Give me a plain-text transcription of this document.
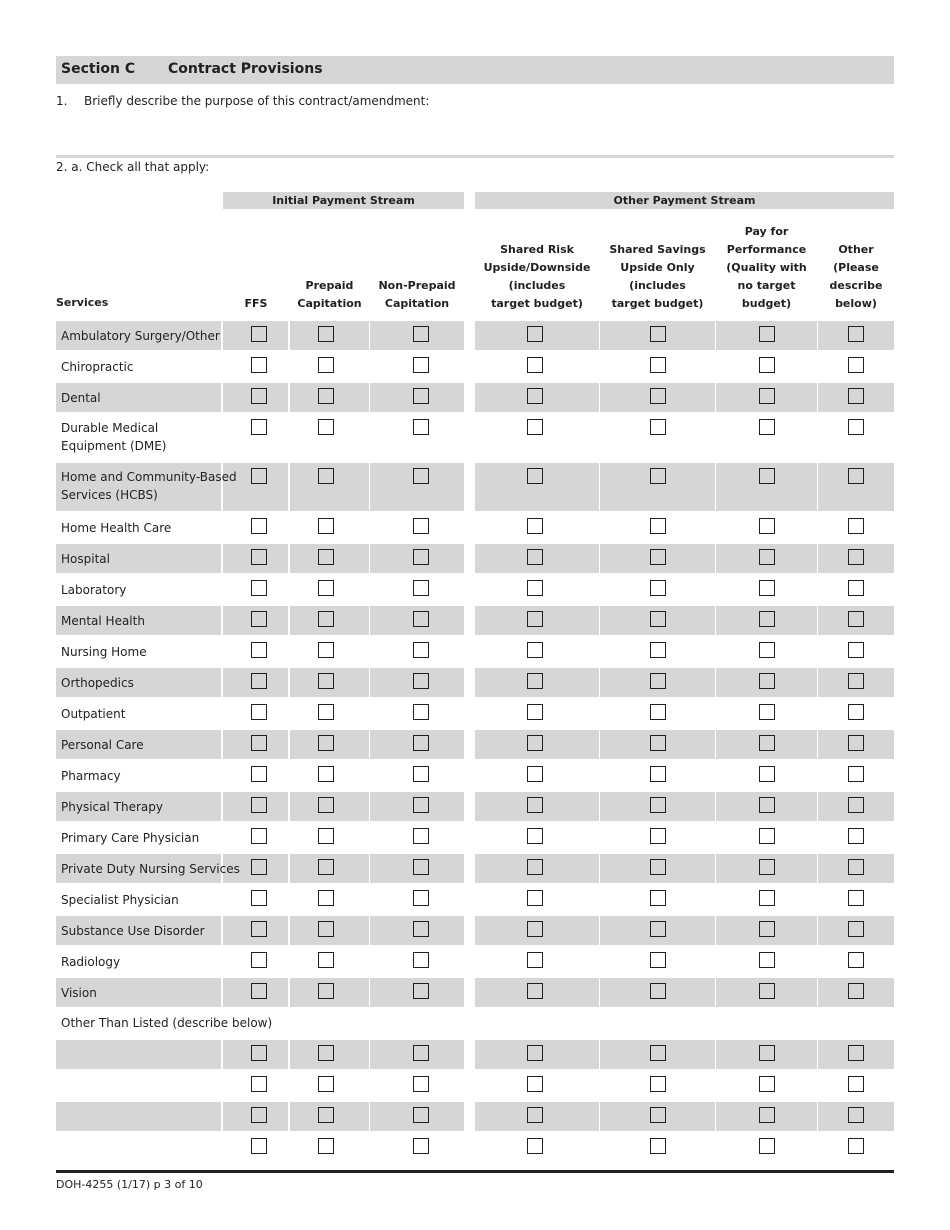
Section C Contract Provisions
1. Briefly describe the purpose of this contract/amendment:
2. a. Check all that apply:
Initial Payment Stream	Other Payment Stream
Services	FFS
Prepaid
Capitation
Non-Prepaid
Capitation
Shared Risk
Upside/Downside
(includes
target budget)
Shared Savings
Upside Only
(includes
target budget)
Pay for
Performance
(Quality with
no target
budget)
Other
(Please
describe
below)
Ambulatory Surgery/Other
Chiropractic
Dental
Durable Medical
Equipment (DME)
Home and Community-Based
Services (HCBS)
Home Health Care
Hospital
Laboratory
Mental Health
Nursing Home
Orthopedics
Outpatient
Personal Care
Pharmacy
Physical Therapy
Primary Care Physician
Private Duty Nursing Services
Specialist Physician
Substance Use Disorder
Radiology
Vision
Other Than Listed (describe below)
DOH-4255 (1/17) p 3 of 10
